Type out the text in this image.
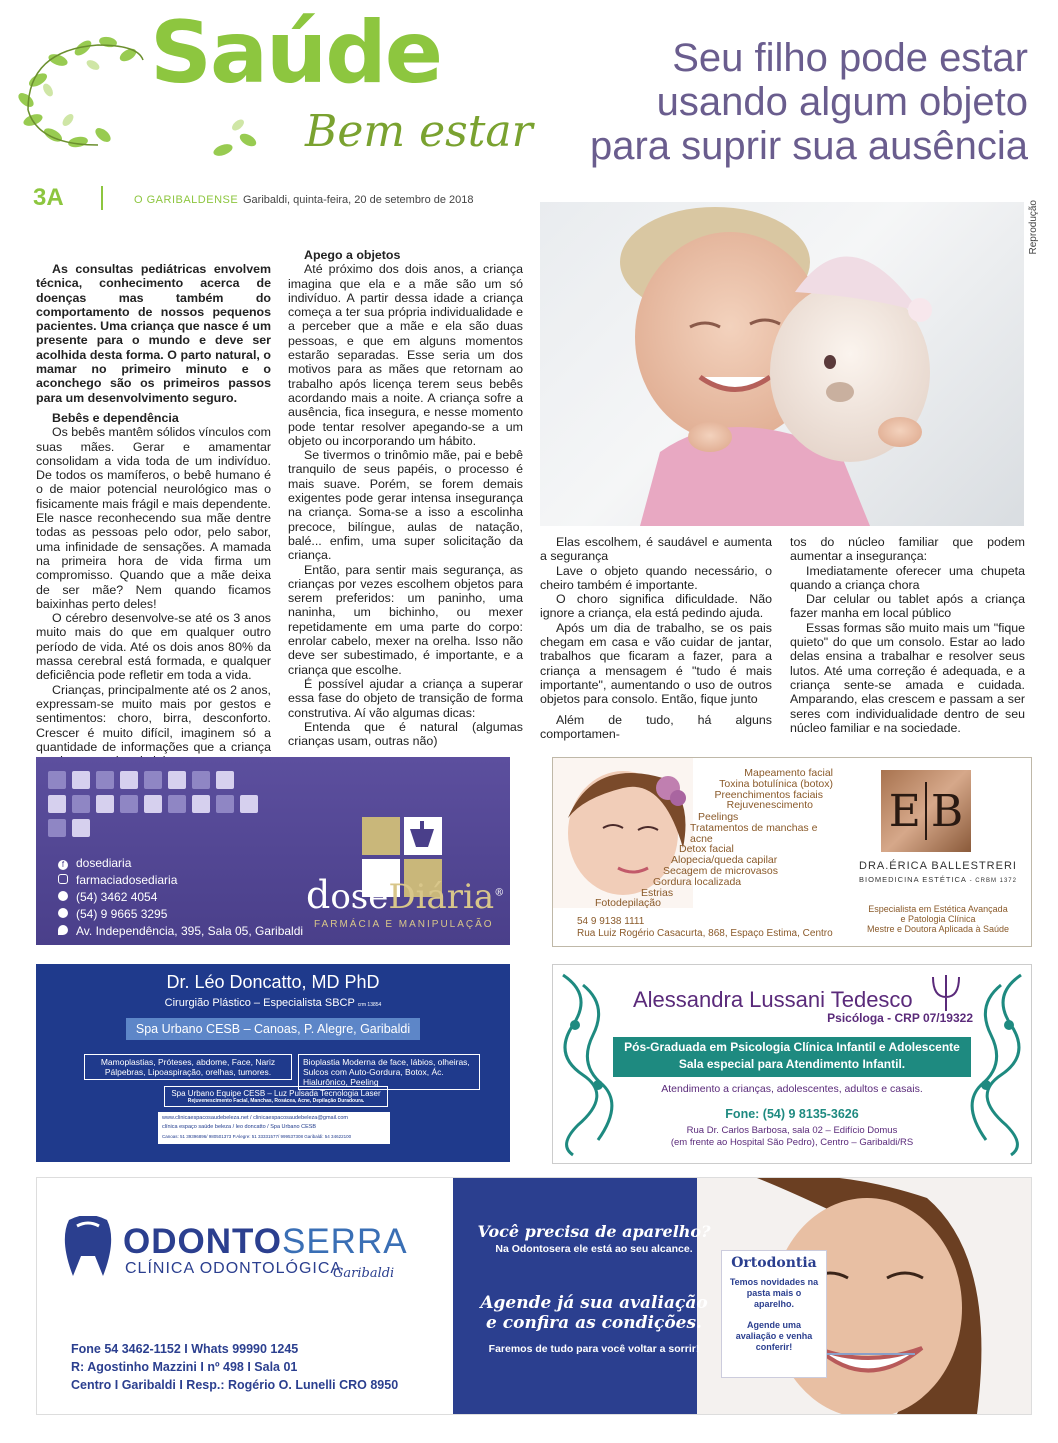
Saúde
Bem estar
Seu filho pode estar
usando algum objeto
para suprir sua ausência
3A	O GARIBALDENSE Garibaldi, quinta-feira, 20 de setembro de 2018	Reprodução

As consultas pediátricas envolvem técnica, conhecimento acerca de doenças mas também do comportamento de nossos pequenos pacientes. Uma criança que nasce é um presente para o mundo e deve ser acolhida desta forma. O parto natural, o mamar no primeiro minuto e o aconchego são os primeiros passos para um desenvolvimento seguro.

Bebês e dependência

Os bebês mantêm sólidos vínculos com suas mães. Gerar e amamentar consolidam a vida toda de um indivíduo. De todos os mamíferos, o bebê humano é o de maior potencial neurológico mas o fisicamente mais frágil e mais dependente. Ele nasce reconhecendo sua mãe dentre todas as pessoas pelo odor, pelo sabor, uma infinidade de sensações. A mamada na primeira hora de vida firma um compromisso. Quando que a mãe deixa de ser mãe? Nem quando ficamos baixinhas perto deles!

O cérebro desenvolve-se até os 3 anos muito mais do que em qualquer outro período de vida. Até os dois anos 80% da massa cerebral está formada, e qualquer deficiência pode refletir em toda a vida.

Crianças, principalmente até os 2 anos, expressam-se muito mais por gestos e sentimentos: choro, birra, desconforto. Crescer é muito difícil, imaginem só a quantidade de informações que a criança

Apego a objetos

Até próximo dos dois anos, a criança imagina que ela e a mãe são um só indivíduo. A partir dessa idade a criança começa a ter sua própria individualidade e a perceber que a mãe e ela são duas pessoas, e que em alguns momentos estarão separadas. Esse seria um dos motivos para as mães que retornam ao trabalho após licença terem seus bebês acordando mais a noite. A criança sofre a ausência, fica insegura, e nesse momento pode tentar resolver apegando-se a um objeto ou incorporando um hábito.

Se tivermos o trinômio mãe, pai e bebê tranquilo de seus papéis, o processo é mais suave. Porém, se forem demais exigentes pode gerar intensa insegurança na criança. Soma-se a isso a escolinha precoce, bilíngue, aulas de natação, balé... enfim, uma super solicitação da criança.

Então, para sentir mais segurança, as crianças por vezes escolhem objetos para serem preferidos: um paninho, uma naninha, um bichinho, ou mexer repetidamente em uma parte do corpo: enrolar cabelo, mexer na orelha. Isso não deve ser subestimado, é importante, e a criança que escolhe.

É possível ajudar a criança a superar essa fase do objeto de transição de forma construtiva. Aí vão algumas dicas:

Entenda que é natural (algumas crianças usam, outras não)

Elas escolhem, é saudável e aumenta a segurança

Lave o objeto quando necessário, o cheiro também é importante.

O choro significa dificuldade. Não ignore a criança, ela está pedindo ajuda.

Após um dia de trabalho, se os pais chegam em casa e vão cuidar de jantar, trabalhos que ficaram a fazer, para a criança a mensagem é "tudo é mais importante", aumentando o uso de outros objetos para consolo. Então, fique junto

Além de tudo, há alguns comportamen-

tos do núcleo familiar que podem aumentar a insegurança:

Imediatamente oferecer uma chupeta quando a criança chora

Dar celular ou tablet após a criança fazer manha em local público

Essas formas são muito mais um "fique quieto" do que um consolo. Estar ao lado delas ensina a trabalhar e resolver seus lutos. Até uma correção é adequada, e a criança sente-se amada e cuidada. Amparando, elas crescem e passam a ser seres com individualidade dentro de seu núcleo familiar e na sociedade.

f dosediaria
farmaciadosediaria
(54) 3462 4054
(54) 9 9665 3295
Av. Independência, 395, Sala 05, Garibaldi
doseDiária®
FARMÁCIA E MANIPULAÇÃO
Mapeamento facial
Toxina botulínica (botox)
Preenchimentos faciais
Rejuvenescimento
Peelings
Tratamentos de manchas e acne
Detox facial
Alopecia/queda capilar
Secagem de microvasos
Gordura localizada
Estrias
Fotodepilação
54 9 9138 1111
Rua Luiz Rogério Casacurta, 868, Espaço Estima, Centro
E B
DRA.ÉRICA BALLESTRERI
BIOMEDICINA ESTÉTICA - CRBM 1372
Especialista em Estética Avançada
e Patologia Clínica
Mestre e Doutora Aplicada à Saúde
Dr. Léo Doncatto, MD PhD
Cirurgião Plástico – Especialista SBCP crm 13854
Spa Urbano CESB – Canoas, P. Alegre, Garibaldi
Mamoplastias, Próteses, abdome, Face, Nariz Pálpebras, Lipoaspiração, orelhas, tumores.
Bioplastia Moderna de face, lábios, olheiras, Sulcos com Auto-Gordura, Botox, Ác. Hialurônico, Peeling
Spa Urbano Equipe CESB – Luz Pulsada Tecnologia Laser
Rejuvenescimento Facial, Manchas, Rosácea, Acne, Depilação Duradoura.
www.clinicaespacosaudebeleza.net / clinicaespacosaudebeleza@gmail.com
clínica espaço saúde beleza / leo doncatto / Spa Urbano CESB
Canoas: 51 39396896/ 980501373 P.Alegre: 51 33331577/ 999537308 Garibaldi: 54 34622100
Alessandra Lussani Tedesco
Psicóloga - CRP 07/19322
Pós-Graduada em Psicologia Clínica Infantil e Adolescente
Sala especial para Atendimento Infantil.
Atendimento a crianças, adolescentes, adultos e casais.
Fone: (54) 9 8135-3626
Rua Dr. Carlos Barbosa, sala 02 – Edifício Domus
(em frente ao Hospital São Pedro), Centro – Garibaldi/RS
ODONTOSERRA
CLÍNICA ODONTOLÓGICA
Garibaldi
Fone 54 3462-1152 I Whats 99990 1245
R: Agostinho Mazzini I nº 498 I Sala 01
Centro I Garibaldi I Resp.: Rogério O. Lunelli CRO 8950
Ortodontia
Temos novidades na pasta mais o aparelho.
Agende uma avaliação e venha conferir!
Você precisa de aparelho?
Na Odontosera ele está ao seu alcance.
Agende já sua avaliação
e confira as condições.
Faremos de tudo para você voltar a sorrir!
